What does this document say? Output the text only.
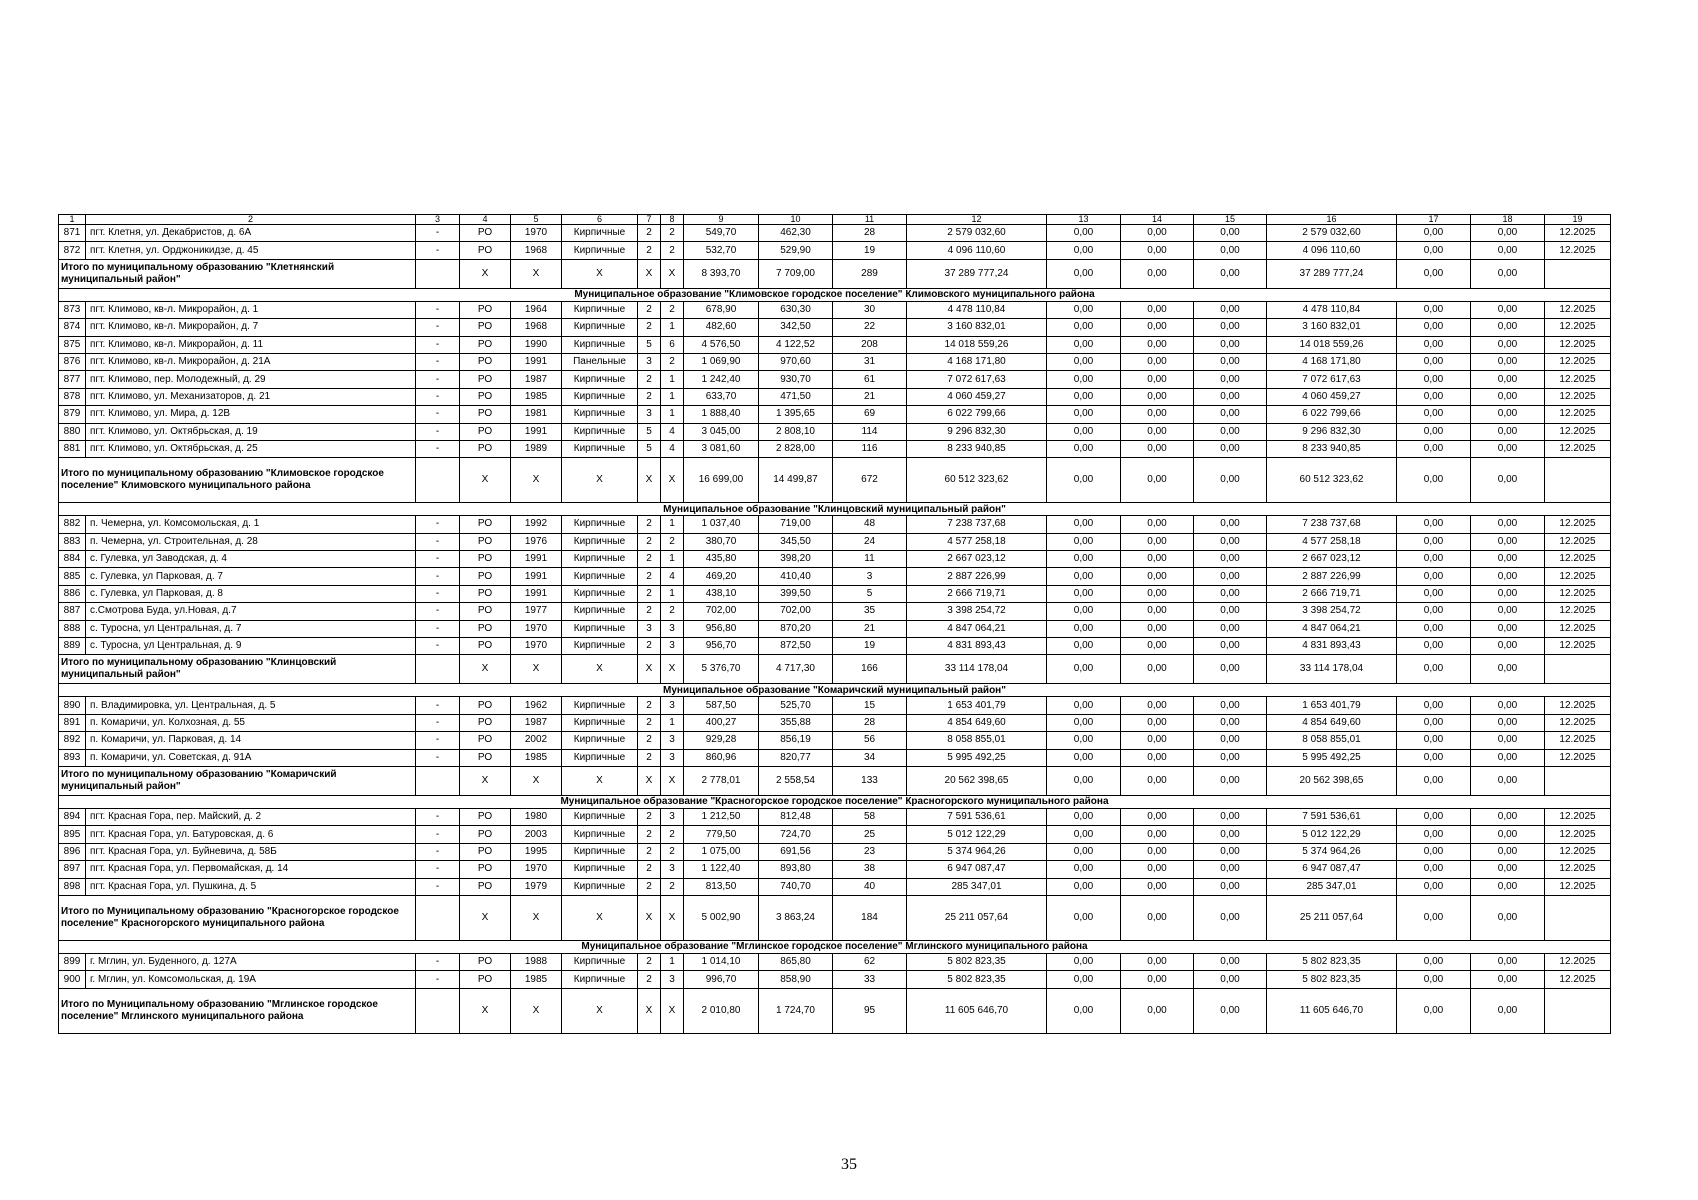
1	2	3	4	5	6	7	8	9	10	11	12	13	14	15	16	17	18	19
871	пгт. Клетня, ул. Декабристов, д. 6А	-	РО	1970	Кирпичные	2	2	549,70	462,30	28	2 579 032,60	0,00	0,00	0,00	2 579 032,60	0,00	0,00	12.2025
872	пгт. Клетня, ул. Орджоникидзе, д. 45	-	РО	1968	Кирпичные	2	2	532,70	529,90	19	4 096 110,60	0,00	0,00	0,00	4 096 110,60	0,00	0,00	12.2025
Итого по муниципальному образованию "Клетнянский муниципальный район"			Х	Х	Х	Х	Х	8 393,70	7 709,00	289	37 289 777,24	0,00	0,00	0,00	37 289 777,24	0,00	0,00	
Муниципальное образование "Климовское городское поселение" Климовского муниципального района																		
873	пгт. Климово, кв-л. Микрорайон, д. 1	-	РО	1964	Кирпичные	2	2	678,90	630,30	30	4 478 110,84	0,00	0,00	0,00	4 478 110,84	0,00	0,00	12.2025
874	пгт. Климово, кв-л. Микрорайон, д. 7	-	РО	1968	Кирпичные	2	1	482,60	342,50	22	3 160 832,01	0,00	0,00	0,00	3 160 832,01	0,00	0,00	12.2025
875	пгт. Климово, кв-л. Микрорайон, д. 11	-	РО	1990	Кирпичные	5	6	4 576,50	4 122,52	208	14 018 559,26	0,00	0,00	0,00	14 018 559,26	0,00	0,00	12.2025
876	пгт. Климово, кв-л. Микрорайон, д. 21А	-	РО	1991	Панельные	3	2	1 069,90	970,60	31	4 168 171,80	0,00	0,00	0,00	4 168 171,80	0,00	0,00	12.2025
877	пгт. Климово, пер. Молодежный, д. 29	-	РО	1987	Кирпичные	2	1	1 242,40	930,70	61	7 072 617,63	0,00	0,00	0,00	7 072 617,63	0,00	0,00	12.2025
878	пгт. Климово, ул. Механизаторов, д. 21	-	РО	1985	Кирпичные	2	1	633,70	471,50	21	4 060 459,27	0,00	0,00	0,00	4 060 459,27	0,00	0,00	12.2025
879	пгт. Климово, ул. Мира, д. 12В	-	РО	1981	Кирпичные	3	1	1 888,40	1 395,65	69	6 022 799,66	0,00	0,00	0,00	6 022 799,66	0,00	0,00	12.2025
880	пгт. Климово, ул. Октябрьская, д. 19	-	РО	1991	Кирпичные	5	4	3 045,00	2 808,10	114	9 296 832,30	0,00	0,00	0,00	9 296 832,30	0,00	0,00	12.2025
881	пгт. Климово, ул. Октябрьская, д. 25	-	РО	1989	Кирпичные	5	4	3 081,60	2 828,00	116	8 233 940,85	0,00	0,00	0,00	8 233 940,85	0,00	0,00	12.2025
Итого по муниципальному образованию "Климовское городское поселение" Климовского муниципального района			Х	Х	Х	Х	Х	16 699,00	14 499,87	672	60 512 323,62	0,00	0,00	0,00	60 512 323,62	0,00	0,00	
Муниципальное образование "Клинцовский муниципальный район"																		
882	п. Чемерна, ул. Комсомольская, д. 1	-	РО	1992	Кирпичные	2	1	1 037,40	719,00	48	7 238 737,68	0,00	0,00	0,00	7 238 737,68	0,00	0,00	12.2025
883	п. Чемерна, ул. Строительная, д. 28	-	РО	1976	Кирпичные	2	2	380,70	345,50	24	4 577 258,18	0,00	0,00	0,00	4 577 258,18	0,00	0,00	12.2025
884	с. Гулевка, ул Заводская, д. 4	-	РО	1991	Кирпичные	2	1	435,80	398,20	11	2 667 023,12	0,00	0,00	0,00	2 667 023,12	0,00	0,00	12.2025
885	с. Гулевка, ул Парковая, д. 7	-	РО	1991	Кирпичные	2	4	469,20	410,40	3	2 887 226,99	0,00	0,00	0,00	2 887 226,99	0,00	0,00	12.2025
886	с. Гулевка, ул Парковая, д. 8	-	РО	1991	Кирпичные	2	1	438,10	399,50	5	2 666 719,71	0,00	0,00	0,00	2 666 719,71	0,00	0,00	12.2025
887	с.Смотрова Буда, ул.Новая, д.7	-	РО	1977	Кирпичные	2	2	702,00	702,00	35	3 398 254,72	0,00	0,00	0,00	3 398 254,72	0,00	0,00	12.2025
888	с. Туросна, ул Центральная, д. 7	-	РО	1970	Кирпичные	3	3	956,80	870,20	21	4 847 064,21	0,00	0,00	0,00	4 847 064,21	0,00	0,00	12.2025
889	с. Туросна, ул Центральная, д. 9	-	РО	1970	Кирпичные	2	3	956,70	872,50	19	4 831 893,43	0,00	0,00	0,00	4 831 893,43	0,00	0,00	12.2025
Итого по муниципальному образованию "Клинцовский муниципальный район"			Х	Х	Х	Х	Х	5 376,70	4 717,30	166	33 114 178,04	0,00	0,00	0,00	33 114 178,04	0,00	0,00	
Муниципальное образование "Комаричский муниципальный район"																		
890	п. Владимировка, ул. Центральная, д. 5	-	РО	1962	Кирпичные	2	3	587,50	525,70	15	1 653 401,79	0,00	0,00	0,00	1 653 401,79	0,00	0,00	12.2025
891	п. Комаричи, ул. Колхозная, д. 55	-	РО	1987	Кирпичные	2	1	400,27	355,88	28	4 854 649,60	0,00	0,00	0,00	4 854 649,60	0,00	0,00	12.2025
892	п. Комаричи, ул. Парковая, д. 14	-	РО	2002	Кирпичные	2	3	929,28	856,19	56	8 058 855,01	0,00	0,00	0,00	8 058 855,01	0,00	0,00	12.2025
893	п. Комаричи, ул. Советская, д. 91А	-	РО	1985	Кирпичные	2	3	860,96	820,77	34	5 995 492,25	0,00	0,00	0,00	5 995 492,25	0,00	0,00	12.2025
Итого по муниципальному образованию "Комаричский муниципальный район"			Х	Х	Х	Х	Х	2 778,01	2 558,54	133	20 562 398,65	0,00	0,00	0,00	20 562 398,65	0,00	0,00	
Муниципальное образование "Красногорское городское поселение" Красногорского муниципального района																		
894	пгт. Красная Гора, пер. Майский, д. 2	-	РО	1980	Кирпичные	2	3	1 212,50	812,48	58	7 591 536,61	0,00	0,00	0,00	7 591 536,61	0,00	0,00	12.2025
895	пгт. Красная Гора, ул. Батуровская, д. 6	-	РО	2003	Кирпичные	2	2	779,50	724,70	25	5 012 122,29	0,00	0,00	0,00	5 012 122,29	0,00	0,00	12.2025
896	пгт. Красная Гора, ул. Буйневича, д. 58Б	-	РО	1995	Кирпичные	2	2	1 075,00	691,56	23	5 374 964,26	0,00	0,00	0,00	5 374 964,26	0,00	0,00	12.2025
897	пгт. Красная Гора, ул. Первомайская, д. 14	-	РО	1970	Кирпичные	2	3	1 122,40	893,80	38	6 947 087,47	0,00	0,00	0,00	6 947 087,47	0,00	0,00	12.2025
898	пгт. Красная Гора, ул. Пушкина, д. 5	-	РО	1979	Кирпичные	2	2	813,50	740,70	40	285 347,01	0,00	0,00	0,00	285 347,01	0,00	0,00	12.2025
Итого по Муниципальному образованию "Красногорское городское поселение" Красногорского муниципального района			Х	Х	Х	Х	Х	5 002,90	3 863,24	184	25 211 057,64	0,00	0,00	0,00	25 211 057,64	0,00	0,00	
Муниципальное образование "Мглинское городское поселение" Мглинского муниципального района																		
899	г. Мглин, ул. Буденного, д. 127А	-	РО	1988	Кирпичные	2	1	1 014,10	865,80	62	5 802 823,35	0,00	0,00	0,00	5 802 823,35	0,00	0,00	12.2025
900	г. Мглин, ул. Комсомольская, д. 19А	-	РО	1985	Кирпичные	2	3	996,70	858,90	33	5 802 823,35	0,00	0,00	0,00	5 802 823,35	0,00	0,00	12.2025
Итого по Муниципальному образованию "Мглинское городское поселение" Мглинского муниципального района			Х	Х	Х	Х	Х	2 010,80	1 724,70	95	11 605 646,70	0,00	0,00	0,00	11 605 646,70	0,00	0,00	
35
